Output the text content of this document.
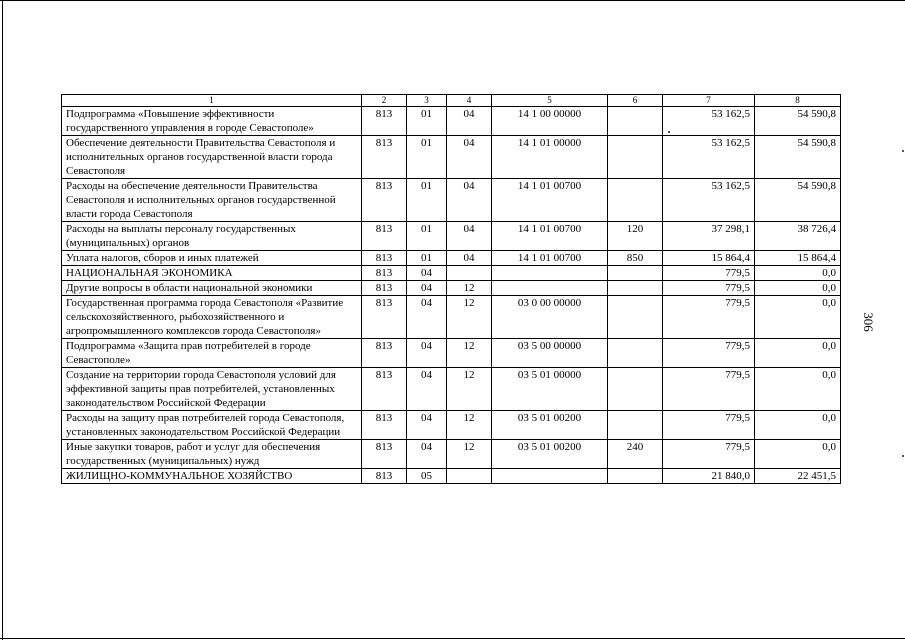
306
1	2	3	4	5	6	7	8
Подпрограмма «Повышение эффективности государственного управления в городе Севастополе»	813	01	04	14 1 00 00000		53 162,5	54 590,8
Обеспечение деятельности Правительства Севастополя и исполнительных органов государственной власти города Севастополя	813	01	04	14 1 01 00000		53 162,5	54 590,8
Расходы на обеспечение деятельности Правительства Севастополя и исполнительных органов государственной власти города Севастополя	813	01	04	14 1 01 00700		53 162,5	54 590,8
Расходы на выплаты персоналу государственных (муниципальных) органов	813	01	04	14 1 01 00700	120	37 298,1	38 726,4
Уплата налогов, сборов и иных платежей	813	01	04	14 1 01 00700	850	15 864,4	15 864,4
НАЦИОНАЛЬНАЯ ЭКОНОМИКА	813	04				779,5	0,0
Другие вопросы в области национальной экономики	813	04	12			779,5	0,0
Государственная программа города Севастополя «Развитие сельскохозяйственного, рыбохозяйственного и агропромышленного комплексов города Севастополя»	813	04	12	03 0 00 00000		779,5	0,0
Подпрограмма «Защита прав потребителей в городе Севастополе»	813	04	12	03 5 00 00000		779,5	0,0
Создание на территории города Севастополя условий для эффективной защиты прав потребителей, установленных законодательством Российской Федерации	813	04	12	03 5 01 00000		779,5	0,0
Расходы на защиту прав потребителей города Севастополя, установленных законодательством Российской Федерации	813	04	12	03 5 01 00200		779,5	0,0
Иные закупки товаров, работ и услуг для обеспечения государственных (муниципальных) нужд	813	04	12	03 5 01 00200	240	779,5	0,0
ЖИЛИЩНО-КОММУНАЛЬНОЕ ХОЗЯЙСТВО	813	05				21 840,0	22 451,5
